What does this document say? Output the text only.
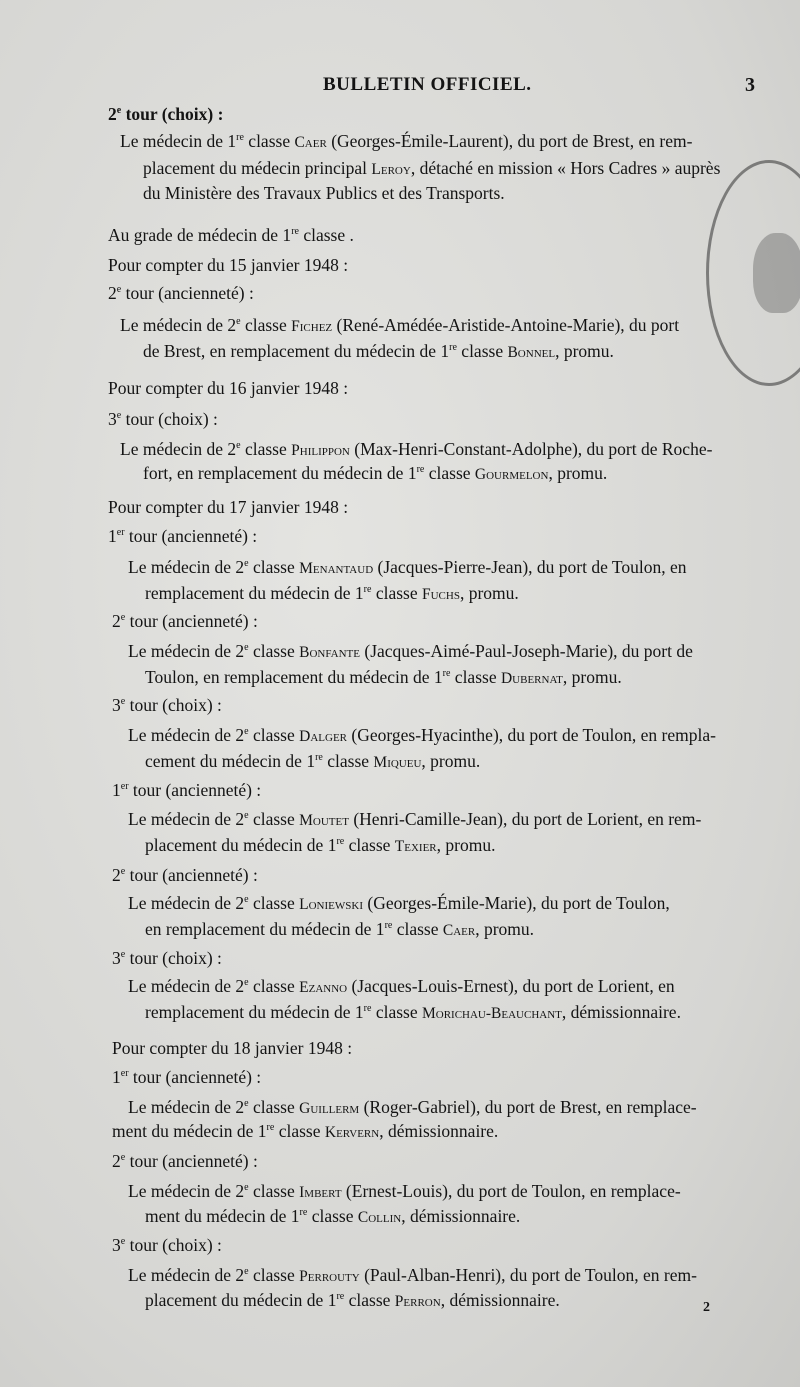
BULLETIN OFFICIEL.	3
2e tour (choix) :
Le médecin de 1re classe Caer (Georges-Émile-Laurent), du port de Brest, en rem-
placement du médecin principal Leroy, détaché en mission « Hors Cadres » auprès
du Ministère des Travaux Publics et des Transports.
Au grade de médecin de 1re classe .
Pour compter du 15 janvier 1948 :
2e tour (ancienneté) :
Le médecin de 2e classe Fichez (René-Amédée-Aristide-Antoine-Marie), du port
de Brest, en remplacement du médecin de 1re classe Bonnel, promu.
Pour compter du 16 janvier 1948 :
3e tour (choix) :
Le médecin de 2e classe Philippon (Max-Henri-Constant-Adolphe), du port de Roche-
fort, en remplacement du médecin de 1re classe Gourmelon, promu.
Pour compter du 17 janvier 1948 :
1er tour (ancienneté) :
Le médecin de 2e classe Menantaud (Jacques-Pierre-Jean), du port de Toulon, en
remplacement du médecin de 1re classe Fuchs, promu.
2e tour (ancienneté) :
Le médecin de 2e classe Bonfante (Jacques-Aimé-Paul-Joseph-Marie), du port de
Toulon, en remplacement du médecin de 1re classe Dubernat, promu.
3e tour (choix) :
Le médecin de 2e classe Dalger (Georges-Hyacinthe), du port de Toulon, en rempla-
cement du médecin de 1re classe Miqueu, promu.
1er tour (ancienneté) :
Le médecin de 2e classe Moutet (Henri-Camille-Jean), du port de Lorient, en rem-
placement du médecin de 1re classe Texier, promu.
2e tour (ancienneté) :
Le médecin de 2e classe Loniewski (Georges-Émile-Marie), du port de Toulon,
en remplacement du médecin de 1re classe Caer, promu.
3e tour (choix) :
Le médecin de 2e classe Ezanno (Jacques-Louis-Ernest), du port de Lorient, en
remplacement du médecin de 1re classe Morichau-Beauchant, démissionnaire.
Pour compter du 18 janvier 1948 :
1er tour (ancienneté) :
Le médecin de 2e classe Guillerm (Roger-Gabriel), du port de Brest, en remplace-
ment du médecin de 1re classe Kervern, démissionnaire.
2e tour (ancienneté) :
Le médecin de 2e classe Imbert (Ernest-Louis), du port de Toulon, en remplace-
ment du médecin de 1re classe Collin, démissionnaire.
3e tour (choix) :
Le médecin de 2e classe Perrouty (Paul-Alban-Henri), du port de Toulon, en rem-
placement du médecin de 1re classe Perron, démissionnaire.	2
